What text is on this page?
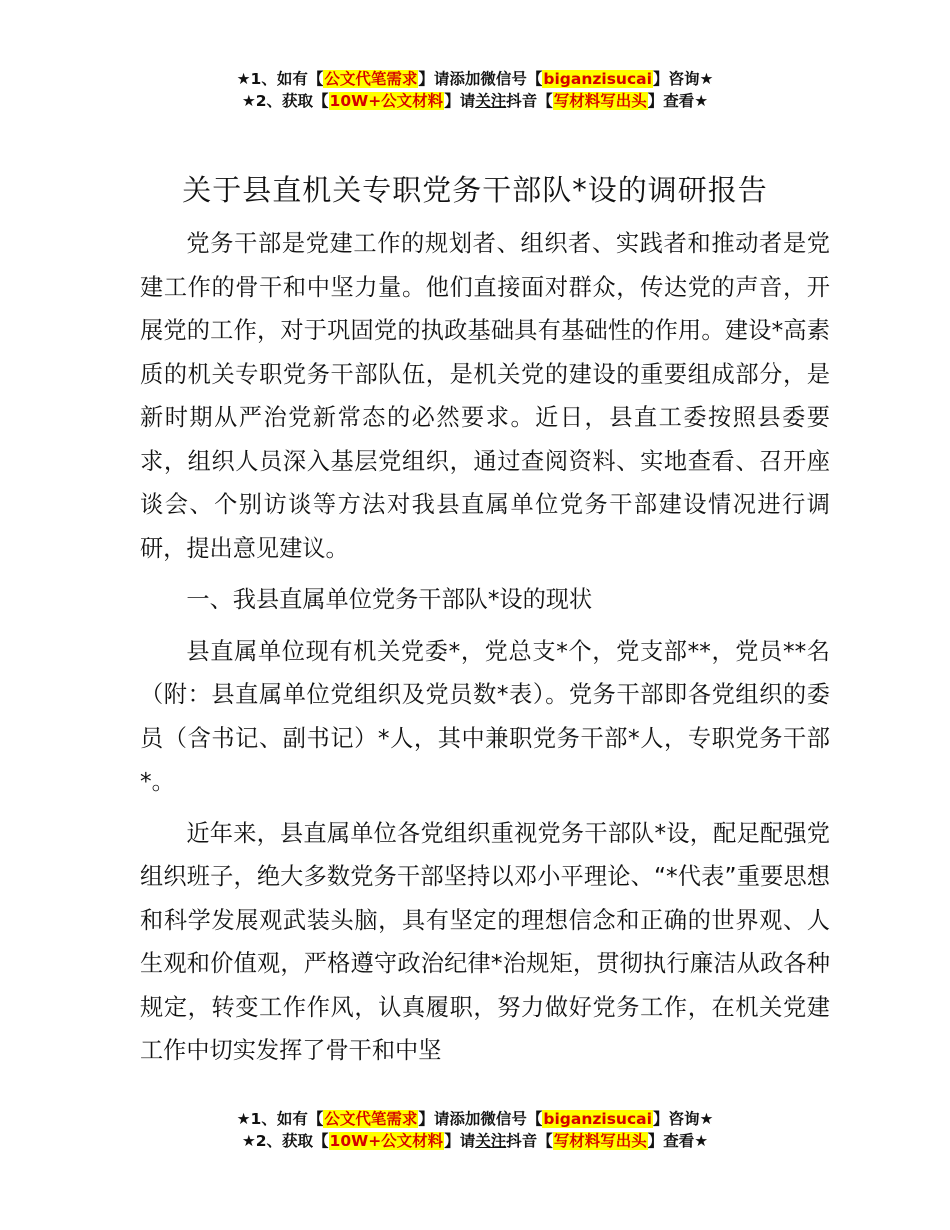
★1、如有【公文代笔需求】请添加微信号【biganzisucai】咨询★
★2、获取【10W+公文材料】请关注抖音【写材料写出头】查看★
关于县直机关专职党务干部队*设的调研报告

党务干部是党建工作的规划者、组织者、实践者和推动者是党建工作的骨干和中坚力量。他们直接面对群众，传达党的声音，开展党的工作，对于巩固党的执政基础具有基础性的作用。建设*高素质的机关专职党务干部队伍，是机关党的建设的重要组成部分，是新时期从严治党新常态的必然要求。近日，县直工委按照县委要求，组织人员深入基层党组织，通过查阅资料、实地查看、召开座谈会、个别访谈等方法对我县直属单位党务干部建设情况进行调研，提出意见建议。

一、我县直属单位党务干部队*设的现状

县直属单位现有机关党委*，党总支*个，党支部**，党员**名（附：县直属单位党组织及党员数*表）。党务干部即各党组织的委员（含书记、副书记）*人，其中兼职党务干部*人，专职党务干部*。

近年来，县直属单位各党组织重视党务干部队*设，配足配强党组织班子，绝大多数党务干部坚持以邓小平理论、“*代表”重要思想和科学发展观武装头脑，具有坚定的理想信念和正确的世界观、人生观和价值观，严格遵守政治纪律*治规矩，贯彻执行廉洁从政各种规定，转变工作作风，认真履职，努力做好党务工作，在机关党建工作中切实发挥了骨干和中坚

★1、如有【公文代笔需求】请添加微信号【biganzisucai】咨询★
★2、获取【10W+公文材料】请关注抖音【写材料写出头】查看★
